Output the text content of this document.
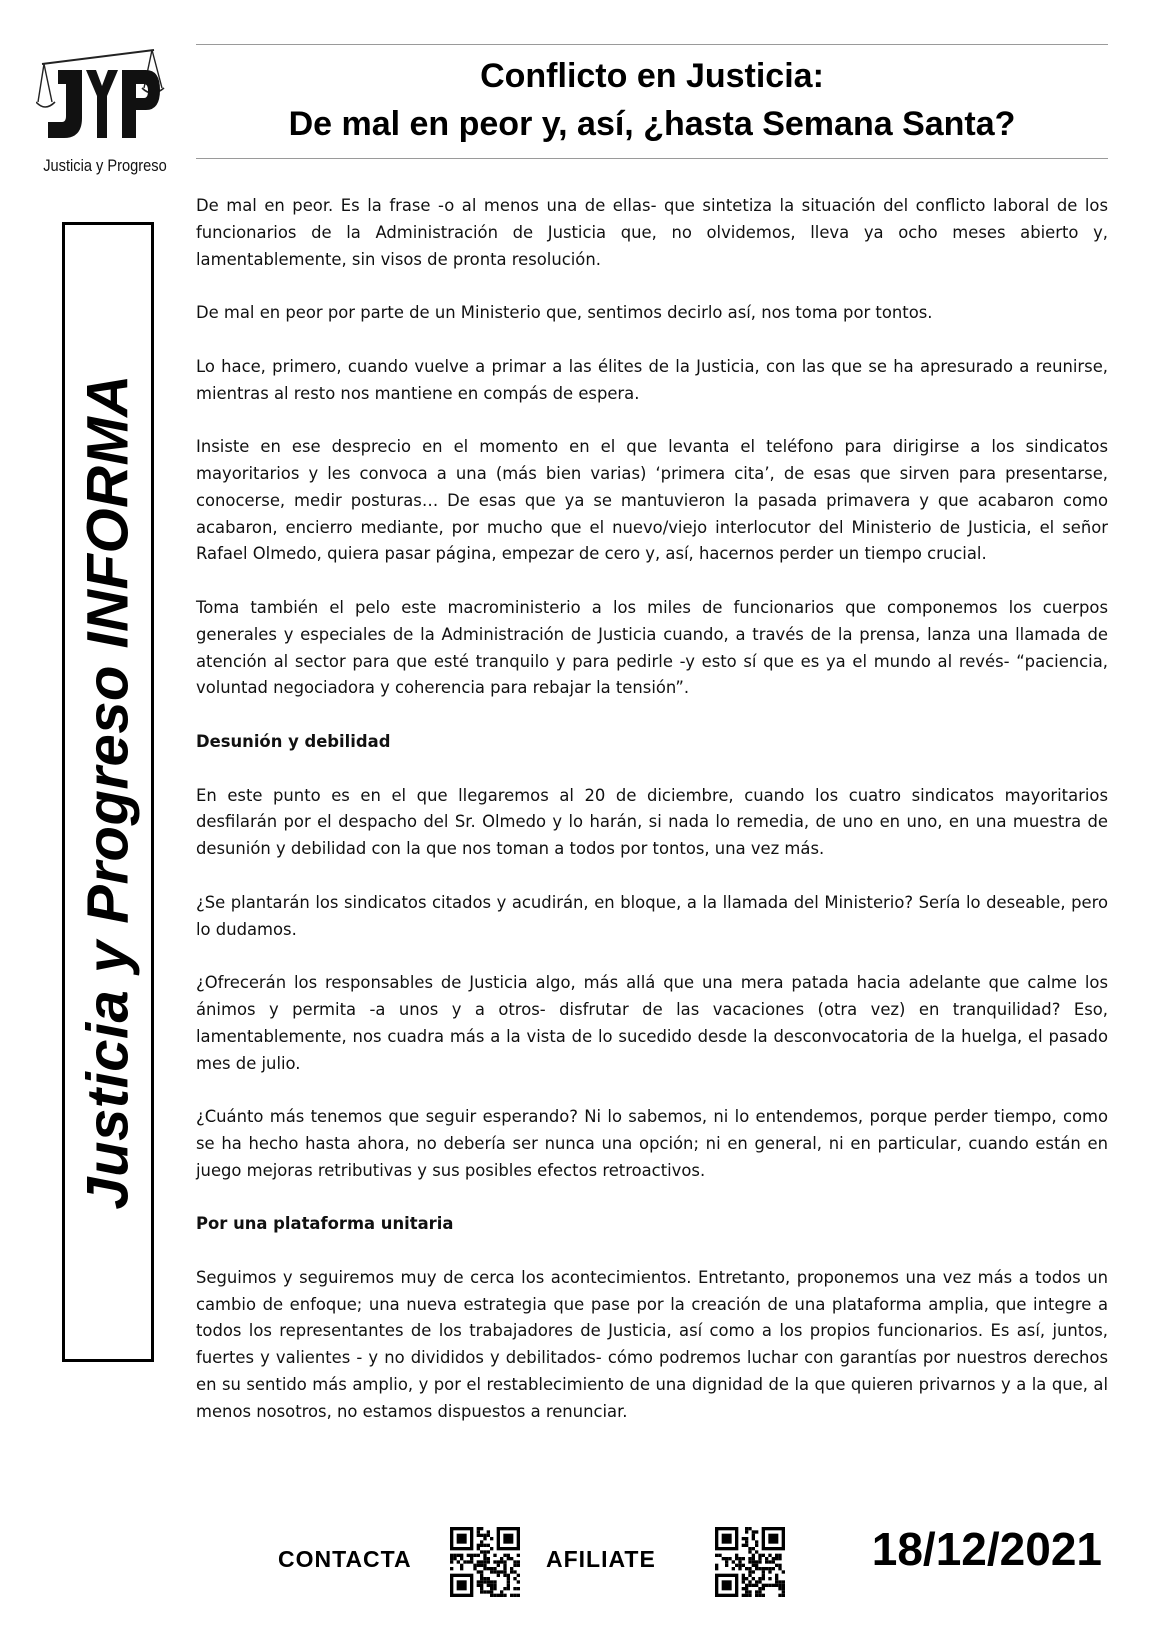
Justicia y Progreso
Justicia y Progreso INFORMA
Conflicto en Justicia:
De mal en peor y, así, ¿hasta Semana Santa?

De mal en peor. Es la frase -o al menos una de ellas- que sintetiza la situación del conflicto laboral de los funcionarios de la Administración de Justicia que, no olvidemos, lleva ya ocho meses abierto y, lamentablemente, sin visos de pronta resolución.

De mal en peor por parte de un Ministerio que, sentimos decirlo así, nos toma por tontos.

Lo hace, primero, cuando vuelve a primar a las élites de la Justicia, con las que se ha apresurado a reunirse, mientras al resto nos mantiene en compás de espera.

Insiste en ese desprecio en el momento en el que levanta el teléfono para dirigirse a los sindicatos mayoritarios y les convoca a una (más bien varias) ‘primera cita’, de esas que sirven para presentarse, conocerse, medir posturas… De esas que ya se mantuvieron la pasada primavera y que acabaron como acabaron, encierro mediante, por mucho que el nuevo/viejo interlocutor del Ministerio de Justicia, el señor Rafael Olmedo, quiera pasar página, empezar de cero y, así, hacernos perder un tiempo crucial.

Toma también el pelo este macroministerio a los miles de funcionarios que componemos los cuerpos generales y especiales de la Administración de Justicia cuando, a través de la prensa, lanza una llamada de atención al sector para que esté tranquilo y para pedirle -y esto sí que es ya el mundo al revés- “paciencia, voluntad negociadora y coherencia para rebajar la tensión”.

Desunión y debilidad

En este punto es en el que llegaremos al 20 de diciembre, cuando los cuatro sindicatos mayoritarios desfilarán por el despacho del Sr. Olmedo y lo harán, si nada lo remedia, de uno en uno, en una muestra de desunión y debilidad con la que nos toman a todos por tontos, una vez más.

¿Se plantarán los sindicatos citados y acudirán, en bloque, a la llamada del Ministerio? Sería lo deseable, pero lo dudamos.

¿Ofrecerán los responsables de Justicia algo, más allá que una mera patada hacia adelante que calme los ánimos y permita -a unos y a otros- disfrutar de las vacaciones (otra vez) en tranquilidad? Eso, lamentablemente, nos cuadra más a la vista de lo sucedido desde la desconvocatoria de la huelga, el pasado mes de julio.

¿Cuánto más tenemos que seguir esperando? Ni lo sabemos, ni lo entendemos, porque perder tiempo, como se ha hecho hasta ahora, no debería ser nunca una opción; ni en general, ni en particular, cuando están en juego mejoras retributivas y sus posibles efectos retroactivos.

Por una plataforma unitaria

Seguimos y seguiremos muy de cerca los acontecimientos. Entretanto, proponemos una vez más a todos un cambio de enfoque; una nueva estrategia que pase por la creación de una plataforma amplia, que integre a todos los representantes de los trabajadores de Justicia, así como a los propios funcionarios. Es así, juntos, fuertes y valientes - y no divididos y debilitados- cómo podremos luchar con garantías por nuestros derechos en su sentido más amplio, y por el restablecimiento de una dignidad de la que quieren privarnos y a la que, al menos nosotros, no estamos dispuestos a renunciar.

CONTACTA	AFILIATE	18/12/2021
